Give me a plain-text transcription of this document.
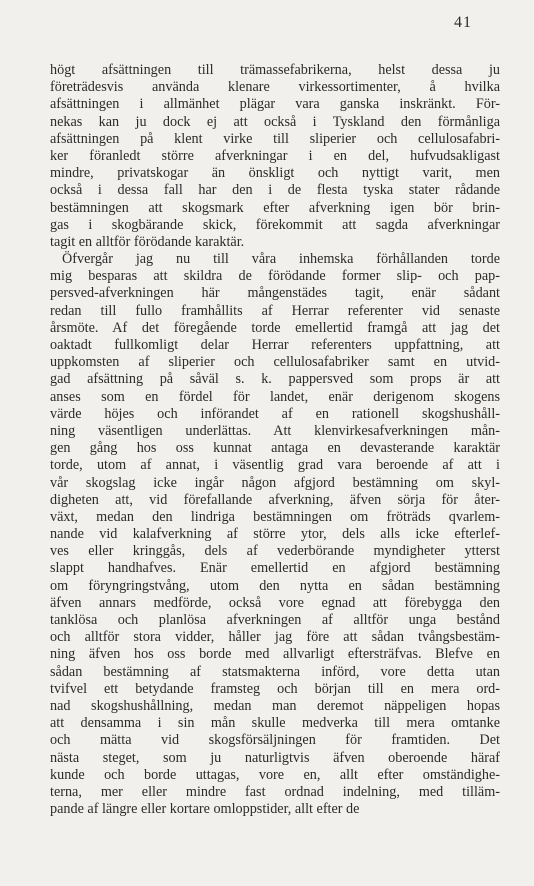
41
högt afsättningen till trämassefabrikerna, helst dessa ju
företrädesvis använda klenare virkessortimenter, å hvilka
afsättningen i allmänhet plägar vara ganska inskränkt. För-
nekas kan ju dock ej att också i Tyskland den förmånliga
afsättningen på klent virke till sliperier och cellulosafabri-
ker föranledt större afverkningar i en del, hufvudsakligast
mindre, privatskogar än önskligt och nyttigt varit, men
också i dessa fall har den i de flesta tyska stater rådande
bestämningen att skogsmark efter afverkning igen bör brin-
gas i skogbärande skick, förekommit att sagda afverkningar
tagit en alltför förödande karaktär.
Öfvergår jag nu till våra inhemska förhållanden torde
mig besparas att skildra de förödande former slip- och pap-
persved-afverkningen här mångenstädes tagit, enär sådant
redan till fullo framhållits af Herrar referenter vid senaste
årsmöte. Af det föregående torde emellertid framgå att jag det
oaktadt fullkomligt delar Herrar referenters uppfattning, att
uppkomsten af sliperier och cellulosafabriker samt en utvid-
gad afsättning på såväl s. k. pappersved som props är att
anses som en fördel för landet, enär derigenom skogens
värde höjes och införandet af en rationell skogshushåll-
ning väsentligen underlättas. Att klenvirkesafverkningen mån-
gen gång hos oss kunnat antaga en devasterande karaktär
torde, utom af annat, i väsentlig grad vara beroende af att i
vår skogslag icke ingår någon afgjord bestämning om skyl-
digheten att, vid förefallande afverkning, äfven sörja för åter-
växt, medan den lindriga bestämningen om fröträds qvarlem-
nande vid kalafverkning af större ytor, dels alls icke efterlef-
ves eller kringgås, dels af vederbörande myndigheter ytterst
slappt handhafves. Enär emellertid en afgjord bestämning
om föryngringstvång, utom den nytta en sådan bestämning
äfven annars medförde, också vore egnad att förebygga den
tanklösa och planlösa afverkningen af alltför unga bestånd
och alltför stora vidder, håller jag före att sådan tvångsbestäm-
ning äfven hos oss borde med allvarligt eftersträfvas. Blefve en
sådan bestämning af statsmakterna införd, vore detta utan
tvifvel ett betydande framsteg och början till en mera ord-
nad skogshushållning, medan man deremot näppeligen hopas
att densamma i sin mån skulle medverka till mera omtanke
och mätta vid skogsförsäljningen för framtiden. Det
nästa steget, som ju naturligtvis äfven oberoende häraf
kunde och borde uttagas, vore en, allt efter omständighe-
terna, mer eller mindre fast ordnad indelning, med tilläm-
pande af längre eller kortare omloppstider, allt efter de
